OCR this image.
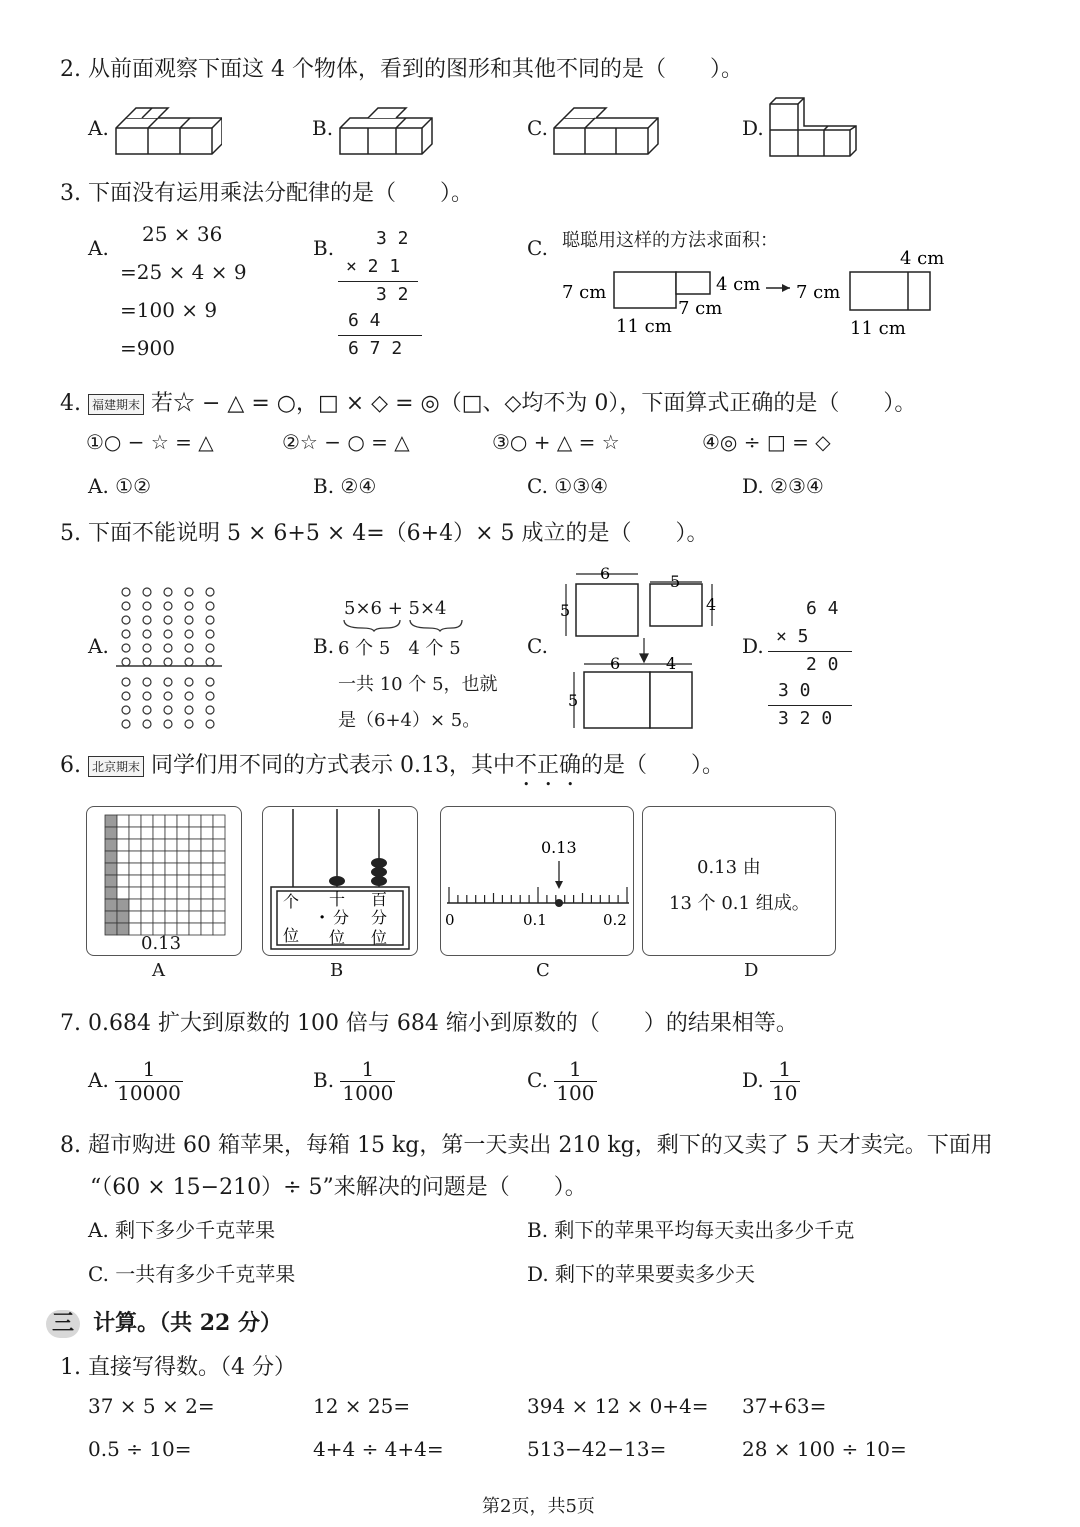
2. 从前面观察下面这 4 个物体，看到的图形和其他不同的是（　　）。
A.	B.	C.	D.
3. 下面没有运用乘法分配律的是（　　）。
A.
25 × 36
=25 × 4 × 9
=100 × 9
=900
B. 3 2
× 2 1
3 2
6 4
6 7 2
C. 聪聪用这样的方法求面积：
7 cm	4 cm
7 cm
11 cm
4 cm
7 cm
11 cm
4. 福建期末 若☆ − △ = ○，□ × ◇ = ◎（□、◇均不为 0），下面算式正确的是（　　）。
①○ − ☆ = △	②☆ − ○ = △	③○ + △ = ☆	④◎ ÷ □ = ◇
A. ①②	B. ②④	C. ①③④	D. ②③④
5. 下面不能说明 5 × 6+5 × 4=（6+4）× 5 成立的是（　　）。
A.	B.
5×6 + 5×4
6 个 5　4 个 5
一共 10 个 5，也就
是（6+4）× 5。
C.
6	5
5	4
6	4
5
D.
6 4
× 5
2 0
3 0
3 2 0
6. 北京期末 同学们用不同的方式表示 0.13，其中不正确的是（　　）。
0.13
A
个
位
十
分
位
百
分
位
·
B
0.13
0	0.1	0.2
C
0.13 由
13 个 0.1 组成。
D
7. 0.684 扩大到原数的 100 倍与 684 缩小到原数的（　　）的结果相等。
A. $\frac{1}{10000}$	B. $\frac{1}{1000}$	C. $\frac{1}{100}$	D. $\frac{1}{10}$
8. 超市购进 60 箱苹果，每箱 15 kg，第一天卖出 210 kg，剩下的又卖了 5 天才卖完。下面用
“（60 × 15−210）÷ 5”来解决的问题是（　　）。
A. 剩下多少千克苹果	B. 剩下的苹果平均每天卖出多少千克
C. 一共有多少千克苹果	D. 剩下的苹果要卖多少天
三 计算。（共 22 分）
1. 直接写得数。（4 分）
37 × 5 × 2=	12 × 25=	394 × 12 × 0+4= 37+63=
0.5 ÷ 10=	4+4 ÷ 4+4=	513−42−13=	28 × 100 ÷ 10=
第2页，共5页
